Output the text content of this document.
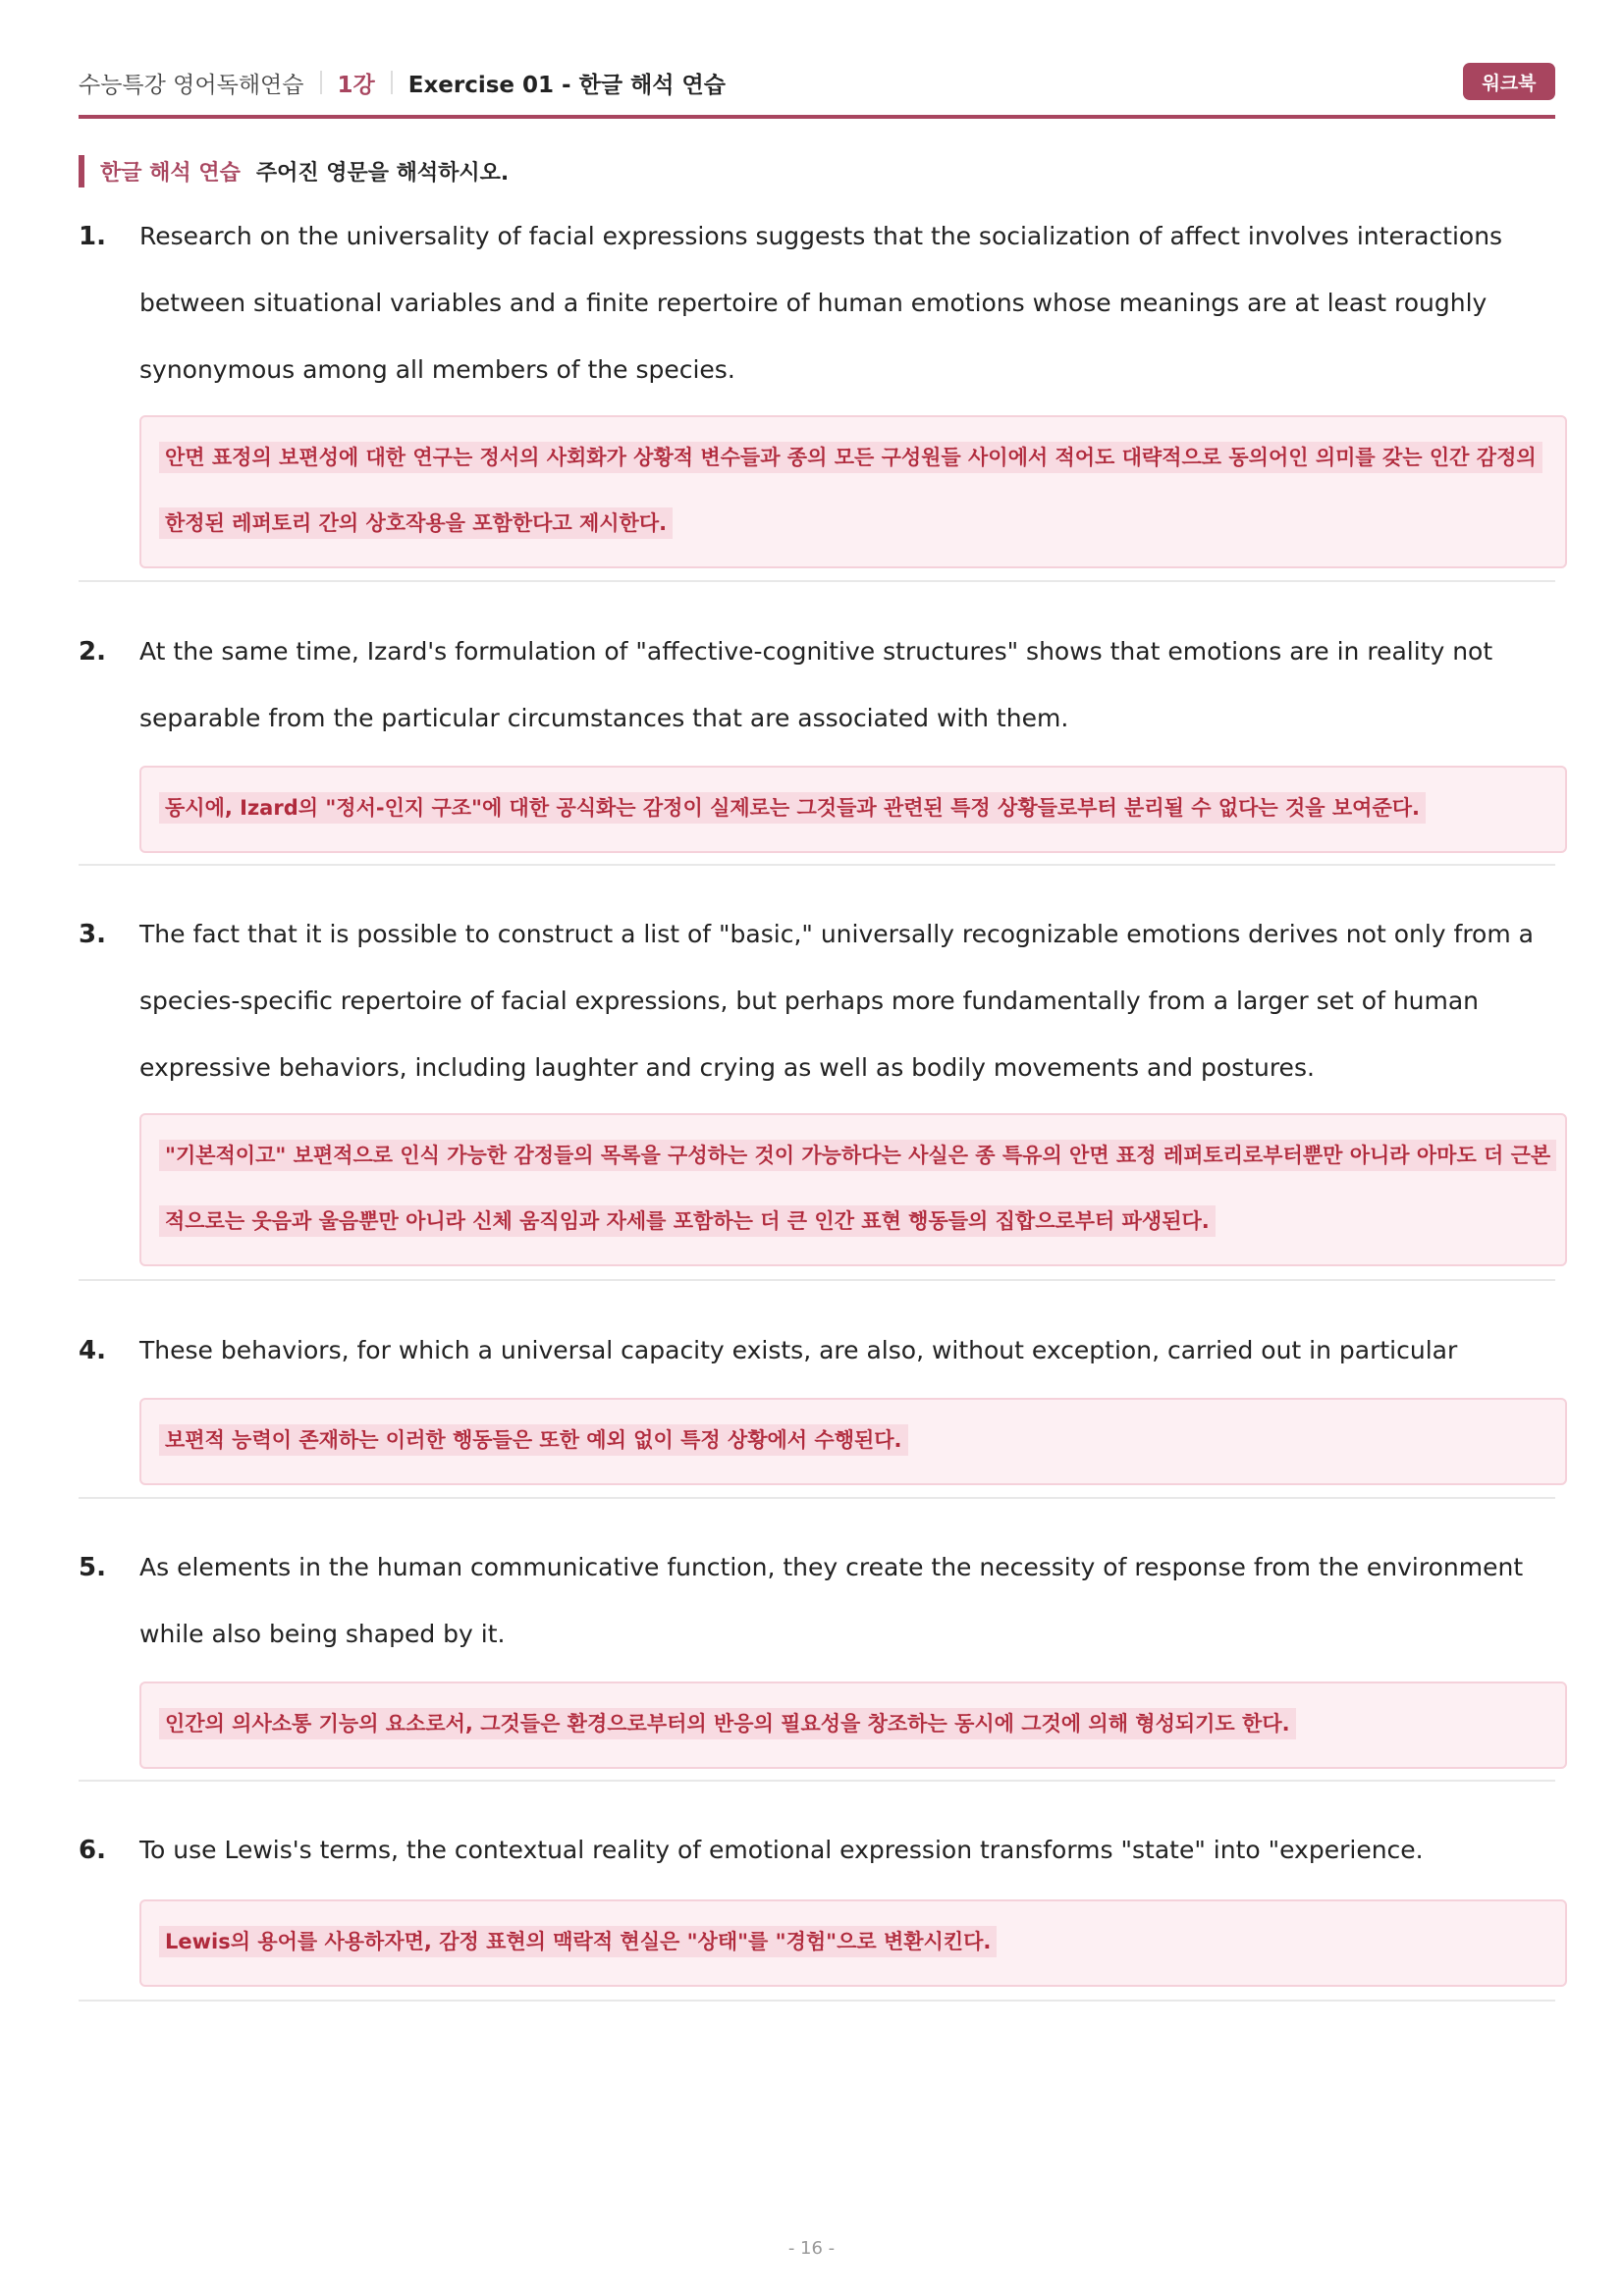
수능특강 영어독해연습 1강 Exercise 01 - 한글 해석 연습	워크북
한글 해석 연습 주어진 영문을 해석하시오.
1. Research on the universality of facial expressions suggests that the socialization of affect involves interactions between situational variables and a finite repertoire of human emotions whose meanings are at least roughly synonymous among all members of the species.
안면 표정의 보편성에 대한 연구는 정서의 사회화가 상황적 변수들과 종의 모든 구성원들 사이에서 적어도 대략적으로 동의어인 의미를 갖는 인간 감정의 한정된 레퍼토리 간의 상호작용을 포함한다고 제시한다.
2. At the same time, Izard's formulation of "affective-cognitive structures" shows that emotions are in reality not separable from the particular circumstances that are associated with them.
동시에, Izard의 "정서-인지 구조"에 대한 공식화는 감정이 실제로는 그것들과 관련된 특정 상황들로부터 분리될 수 없다는 것을 보여준다.
3. The fact that it is possible to construct a list of "basic," universally recognizable emotions derives not only from a species-specific repertoire of facial expressions, but perhaps more fundamentally from a larger set of human expressive behaviors, including laughter and crying as well as bodily movements and postures.
"기본적이고" 보편적으로 인식 가능한 감정들의 목록을 구성하는 것이 가능하다는 사실은 종 특유의 안면 표정 레퍼토리로부터뿐만 아니라 아마도 더 근본적으로는 웃음과 울음뿐만 아니라 신체 움직임과 자세를 포함하는 더 큰 인간 표현 행동들의 집합으로부터 파생된다.
4. These behaviors, for which a universal capacity exists, are also, without exception, carried out in particular
보편적 능력이 존재하는 이러한 행동들은 또한 예외 없이 특정 상황에서 수행된다.
5. As elements in the human communicative function, they create the necessity of response from the environment while also being shaped by it.
인간의 의사소통 기능의 요소로서, 그것들은 환경으로부터의 반응의 필요성을 창조하는 동시에 그것에 의해 형성되기도 한다.
6. To use Lewis's terms, the contextual reality of emotional expression transforms "state" into "experience.
Lewis의 용어를 사용하자면, 감정 표현의 맥락적 현실은 "상태"를 "경험"으로 변환시킨다.
- 16 -
